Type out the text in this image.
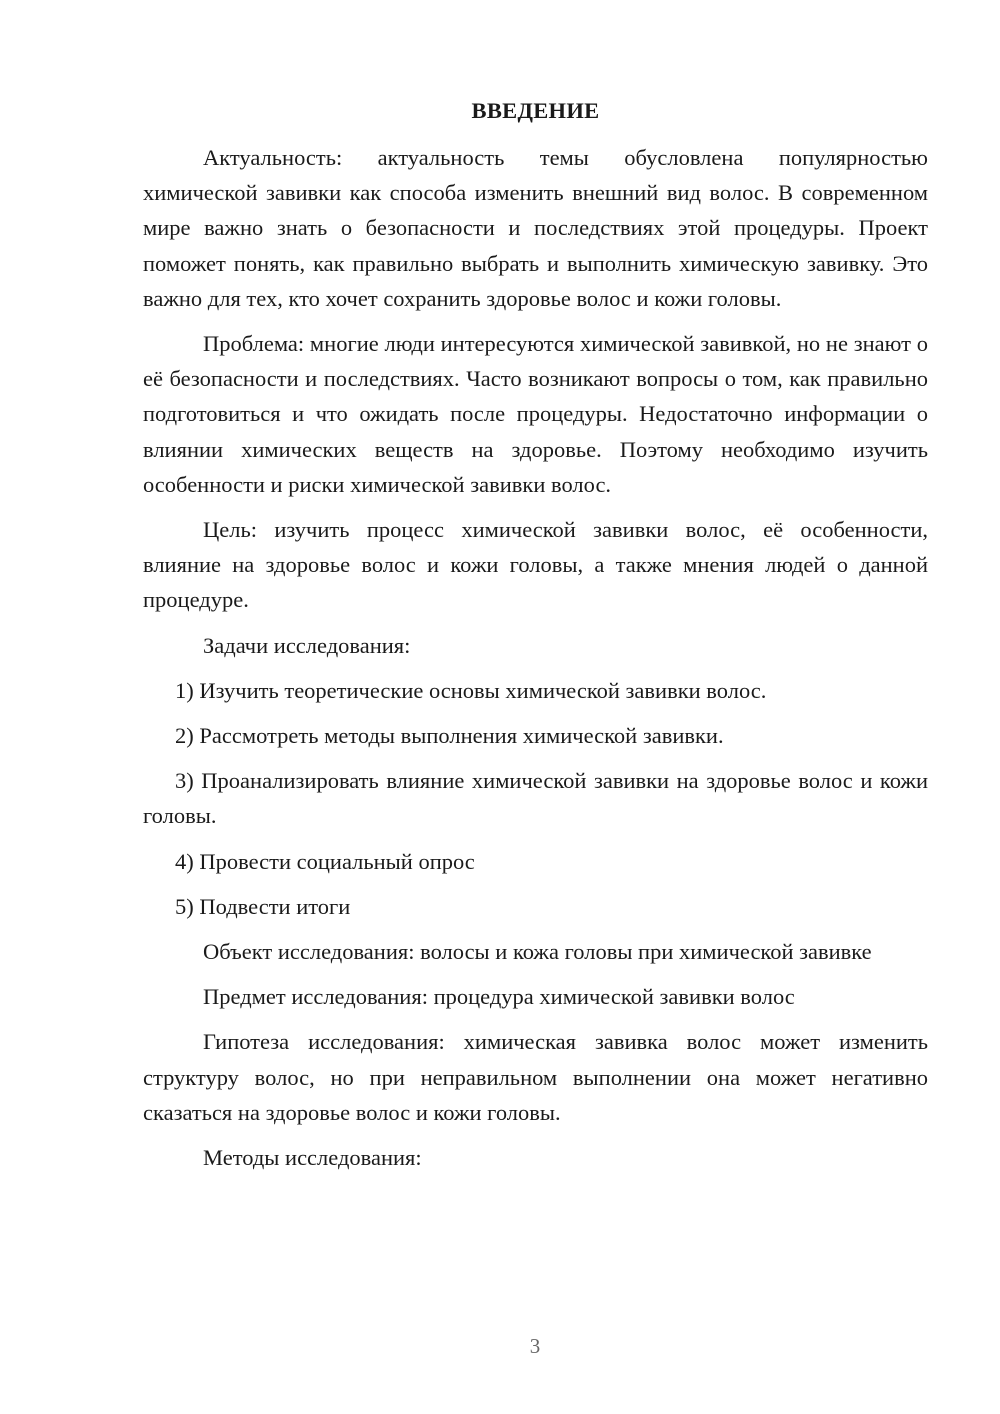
ВВЕДЕНИЕ

Актуальность: актуальность темы обусловлена популярностью химической завивки как способа изменить внешний вид волос. В современном мире важно знать о безопасности и последствиях этой процедуры. Проект поможет понять, как правильно выбрать и выполнить химическую завивку. Это важно для тех, кто хочет сохранить здоровье волос и кожи головы.

Проблема: многие люди интересуются химической завивкой, но не знают о её безопасности и последствиях. Часто возникают вопросы о том, как правильно подготовиться и что ожидать после процедуры. Недостаточно информации о влиянии химических веществ на здоровье. Поэтому необходимо изучить особенности и риски химической завивки волос.

Цель: изучить процесс химической завивки волос, её особенности, влияние на здоровье волос и кожи головы, а также мнения людей о данной процедуре.

Задачи исследования:

1) Изучить теоретические основы химической завивки волос.

2) Рассмотреть методы выполнения химической завивки.

3) Проанализировать влияние химической завивки на здоровье волос и кожи головы.

4) Провести социальный опрос

5) Подвести итоги

Объект исследования: волосы и кожа головы при химической завивке

Предмет исследования: процедура химической завивки волос

Гипотеза исследования: химическая завивка волос может изменить структуру волос, но при неправильном выполнении она может негативно сказаться на здоровье волос и кожи головы.

Методы исследования:

3
